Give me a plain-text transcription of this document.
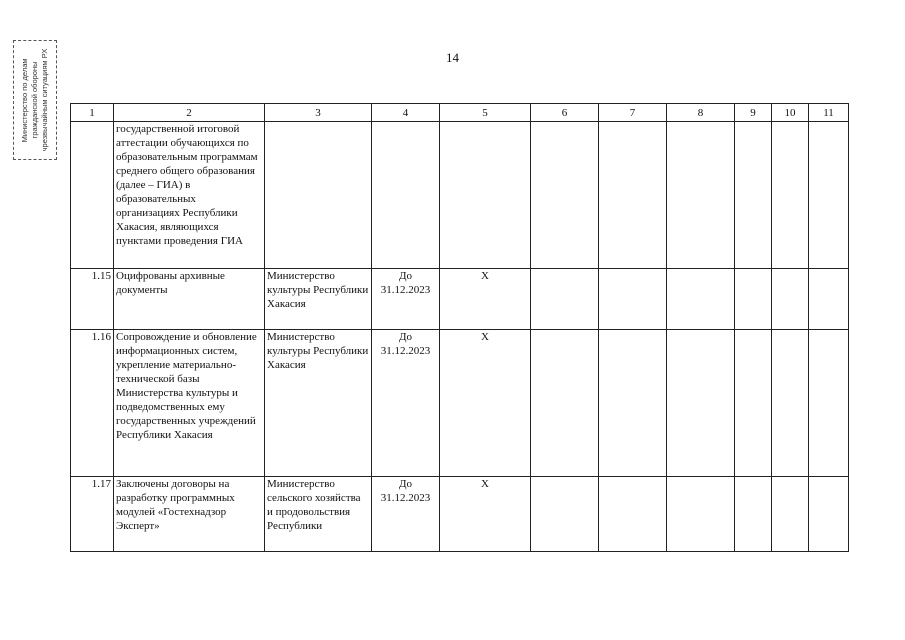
14
Министерство по делам
гражданской обороны
чрезвычайным ситуациям РХ
1	2	3	4	5	6	7	8	9	10	11
	государственной итоговой аттестации обучающихся по образовательным программам среднего общего образования (далее – ГИА) в образовательных организациях Республики Хакасия, являющихся пунктами проведения ГИА									
1.15	Оцифрованы архивные документы	Министерство культуры Республики Хакасия	До 31.12.2023	Х						
1.16	Сопровождение и обновление информационных систем, укрепление материально-технической базы Министерства культуры и подведомственных ему государственных учреждений Республики Хакасия	Министерство культуры Республики Хакасия	До 31.12.2023	Х						
1.17	Заключены договоры на разработку программных модулей «Гостехнадзор Эксперт»	Министерство сельского хозяйства и продовольствия Республики	До 31.12.2023	Х						
